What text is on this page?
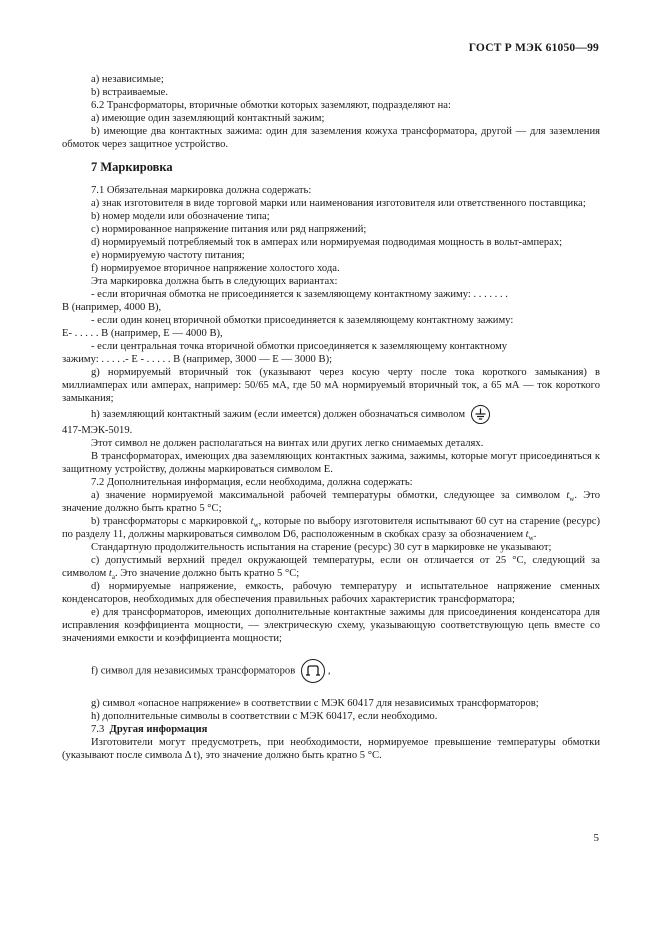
ГОСТ Р МЭК 61050—99

а) независимые;

b) встраиваемые.

6.2 Трансформаторы, вторичные обмотки которых заземляют, подразделяют на:

а) имеющие один заземляющий контактный зажим;

b) имеющие два контактных зажима: один для заземления кожуха трансформатора, другой — для заземления обмоток через защитное устройство.

7 Маркировка

7.1 Обязательная маркировка должна содержать:

а) знак изготовителя в виде торговой марки или наименования изготовителя или ответственного поставщика;

b) номер модели или обозначение типа;

c) нормированное напряжение питания или ряд напряжений;

d) нормируемый потребляемый ток в амперах или нормируемая подводимая мощность в вольт-амперах;

e) нормируемую частоту питания;

f) нормируемое вторичное напряжение холостого хода.

Эта маркировка должна быть в следующих вариантах:

- если вторичная обмотка не присоединяется к заземляющему контактному зажиму: . . . . . . .

В (например, 4000 В),

- если один конец вторичной обмотки присоединяется к заземляющему контактному зажиму:

Е- . . . . . В (например, Е — 4000 В),

- если центральная точка вторичной обмотки присоединяется к заземляющему контактному

зажиму: . . . . .- Е - . . . . . В (например, 3000 — Е — 3000 В);

g) нормируемый вторичный ток (указывают через косую черту после тока короткого замыкания) в миллиамперах или амперах, например: 50/65 мА, где 50 мА нормируемый вторичный ток, а 65 мА — ток короткого замыкания;

h) заземляющий контактный зажим (если имеется) должен обозначаться символом

417-МЭК-5019.

Этот символ не должен располагаться на винтах или других легко снимаемых деталях.

В трансформаторах, имеющих два заземляющих контактных зажима, зажимы, которые могут присоединяться к защитному устройству, должны маркироваться символом Е.

7.2 Дополнительная информация, если необходима, должна содержать:

а) значение нормируемой максимальной рабочей температуры обмотки, следующее за символом $t_w$. Это значение должно быть кратно 5 °С;

b) трансформаторы с маркировкой $t_w$, которые по выбору изготовителя испытывают 60 сут на старение (ресурс) по разделу 11, должны маркироваться символом D6, расположенным в скобках сразу за обозначением $t_w$.

Стандартную продолжительность испытания на старение (ресурс) 30 сут в маркировке не указывают;

c) допустимый верхний предел окружающей температуры, если он отличается от 25 °С, следующий за символом $t_a$. Это значение должно быть кратно 5 °С;

d) нормируемые напряжение, емкость, рабочую температуру и испытательное напряжение сменных конденсаторов, необходимых для обеспечения правильных рабочих характеристик трансформатора;

e) для трансформаторов, имеющих дополнительные контактные зажимы для присоединения конденсатора для исправления коэффициента мощности, — электрическую схему, указывающую соответствующую цепь вместе со значениями емкости и коэффициента мощности;

f) символ для независимых трансформаторов	,

g) символ «опасное напряжение» в соответствии с МЭК 60417 для независимых трансформаторов;

h) дополнительные символы в соответствии с МЭК 60417, если необходимо.

7.3 Другая информация

Изготовители могут предусмотреть, при необходимости, нормируемое превышение температуры обмотки (указывают после символа Δ t), это значение должно быть кратно 5 °С.

5
